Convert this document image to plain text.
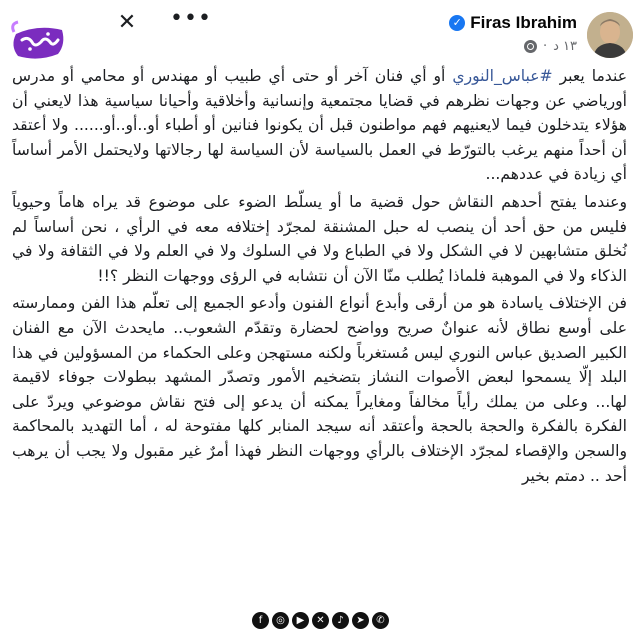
✕ •••	✓ Firas Ibrahim
١٣ د
·

عندما يعبر #عباس_النوري أو أي فنان آخر أو حتى أي طبيب أو مهندس أو محامي أو مدرس أورياضي عن وجهات نظرهم في قضايا مجتمعية وإنسانية وأخلاقية وأحيانا سياسية هذا لايعني أن هؤلاء يتدخلون فيما لايعنيهم فهم مواطنون قبل أن يكونوا فنانين أو أطباء أو..أو..أو...... ولا أعتقد أن أحداً منهم يرغب بالتورّط في العمل بالسياسة لأن السياسة لها رجالاتها ولايحتمل الأمر أساساً أي زيادة في عددهم...

وعندما يفتح أحدهم النقاش حول قضية ما أو يسلّط الضوء على موضوع قد يراه هاماً وحيوياً فليس من حق أحد أن ينصب له حبل المشنقة لمجرّد إختلافه معه في الرأي ، نحن أساساً لم نُخلق متشابهين لا في الشكل ولا في الطباع ولا في السلوك ولا في العلم ولا في الثقافة ولا في الذكاء ولا في الموهبة فلماذا يُطلب منّا الآن أن نتشابه في الرؤى ووجهات النظر ؟!!

فن الإختلاف ياسادة هو من أرقى وأبدع أنواع الفنون وأدعو الجميع إلى تعلّم هذا الفن وممارسته على أوسع نطاق لأنه عنوانٌ صريح وواضح لحضارة وتقدّم الشعوب.. مايحدث الآن مع الفنان الكبير الصديق عباس النوري ليس مُستغرباً ولكنه مستهجن وعلى الحكماء من المسؤولين في هذا البلد إلّا يسمحوا لبعض الأصوات النشاز بتضخيم الأمور وتصدّر المشهد ببطولات جوفاء لاقيمة لها... وعلى من يملك رأياً مخالفاً ومغايراً يمكنه أن يدعو إلى فتح نقاش موضوعي ويردّ على الفكرة بالفكرة والحجة بالحجة وأعتقد أنه سيجد المنابر كلها مفتوحة له ، أما التهديد بالمحاكمة والسجن والإقصاء لمجرّد الإختلاف بالرأي ووجهات النظر فهذا أمرٌ غير مقبول ولا يجب أن يرهب أحد .. دمتم بخير

f	◎	▶	✕	♪	➤	✆
